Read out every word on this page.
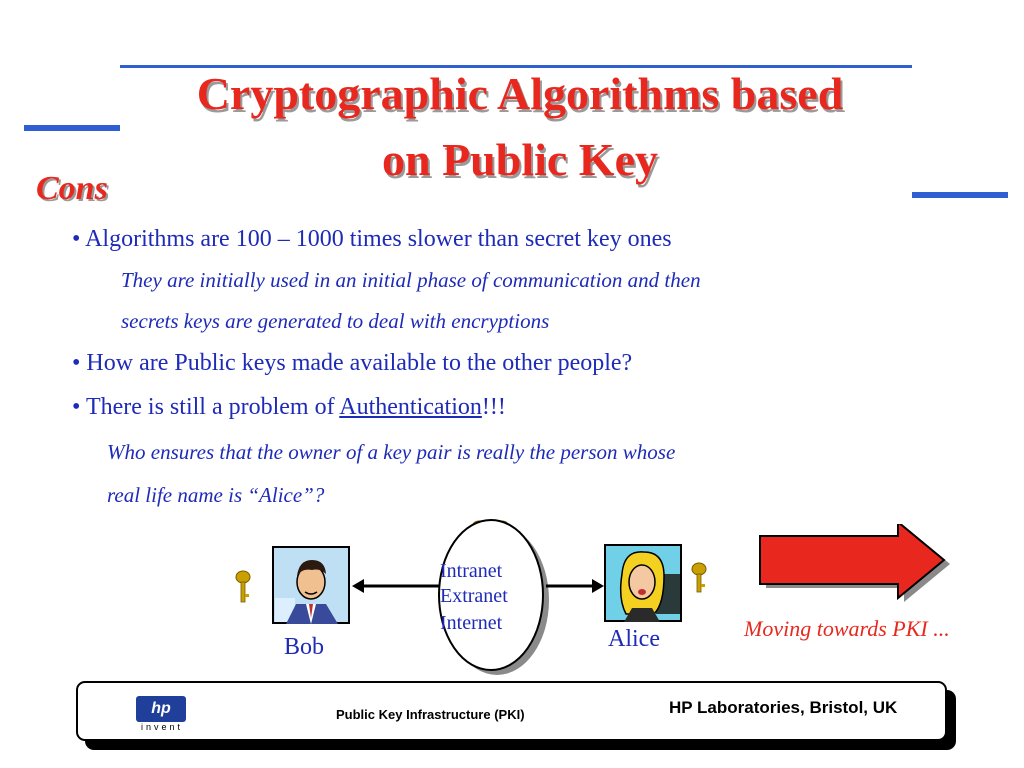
Cryptographic Algorithms based
on Public Key
Cons
• Algorithms are 100 – 1000 times slower than secret key ones
They are initially used in an initial phase of communication and then
secrets keys are generated to deal with encryptions
• How are Public keys made available to the other people?
• There is still a problem of Authentication!!!
Who ensures that the owner of a key pair is really the person whose
real life name is “Alice”?
Intranet
Extranet
Internet
Bob	Alice	Moving towards PKI ...
hp
invent
Public Key Infrastructure (PKI)	HP Laboratories, Bristol, UK
